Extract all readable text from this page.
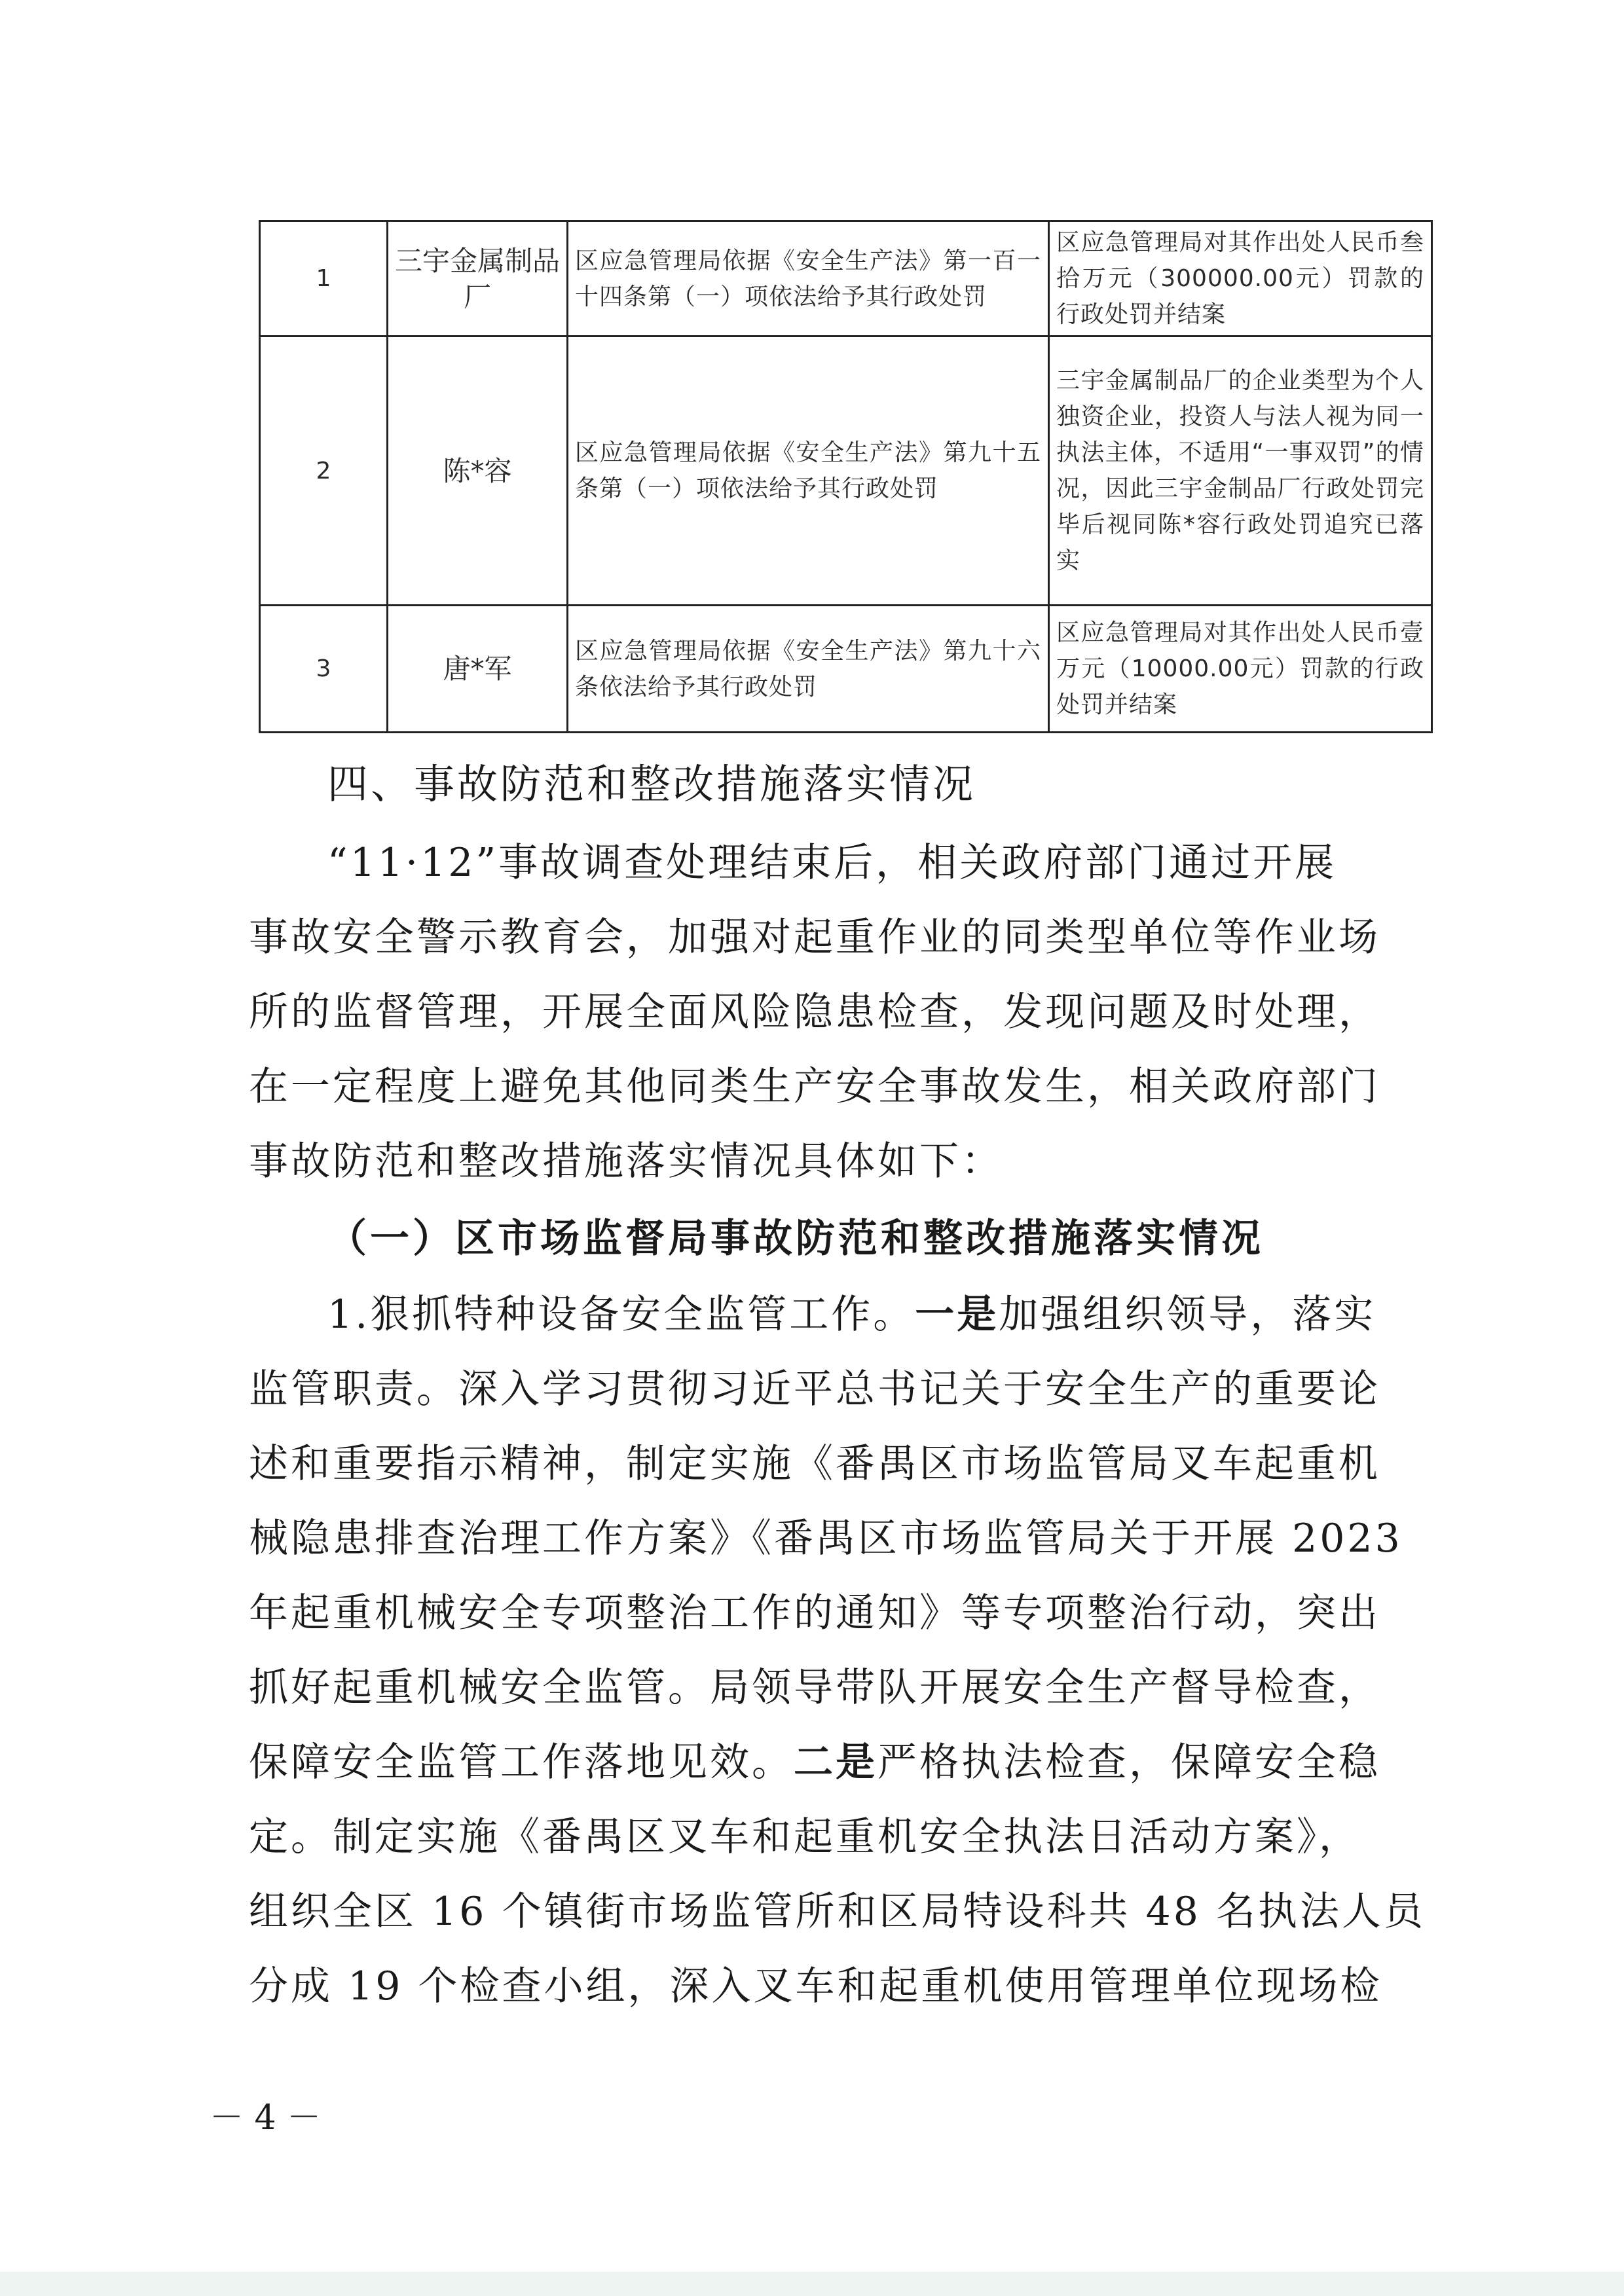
1	三宇金属制品厂	区应急管理局依据《安全生产法》第一百一十四条第（一）项依法给予其行政处罚	区应急管理局对其作出处人民币叁拾万元（300000.00元）罚款的行政处罚并结案
2	陈*容	区应急管理局依据《安全生产法》第九十五条第（一）项依法给予其行政处罚	三宇金属制品厂的企业类型为个人独资企业，投资人与法人视为同一执法主体，不适用“一事双罚”的情况，因此三宇金制品厂行政处罚完毕后视同陈*容行政处罚追究已落实
3	唐*军	区应急管理局依据《安全生产法》第九十六条依法给予其行政处罚	区应急管理局对其作出处人民币壹万元（10000.00元）罚款的行政处罚并结案
四、事故防范和整改措施落实情况
“11·12”事故调查处理结束后，相关政府部门通过开展
事故安全警示教育会，加强对起重作业的同类型单位等作业场
所的监督管理，开展全面风险隐患检查，发现问题及时处理，
在一定程度上避免其他同类生产安全事故发生，相关政府部门
事故防范和整改措施落实情况具体如下：
（一）区市场监督局事故防范和整改措施落实情况
1.狠抓特种设备安全监管工作。一是加强组织领导，落实
监管职责。深入学习贯彻习近平总书记关于安全生产的重要论
述和重要指示精神，制定实施《番禺区市场监管局叉车起重机
械隐患排查治理工作方案》《番禺区市场监管局关于开展 2023
年起重机械安全专项整治工作的通知》等专项整治行动，突出
抓好起重机械安全监管。局领导带队开展安全生产督导检查，
保障安全监管工作落地见效。二是严格执法检查，保障安全稳
定。制定实施《番禺区叉车和起重机安全执法日活动方案》，
组织全区 16 个镇街市场监管所和区局特设科共 48 名执法人员
分成 19 个检查小组，深入叉车和起重机使用管理单位现场检
－ 4 －
